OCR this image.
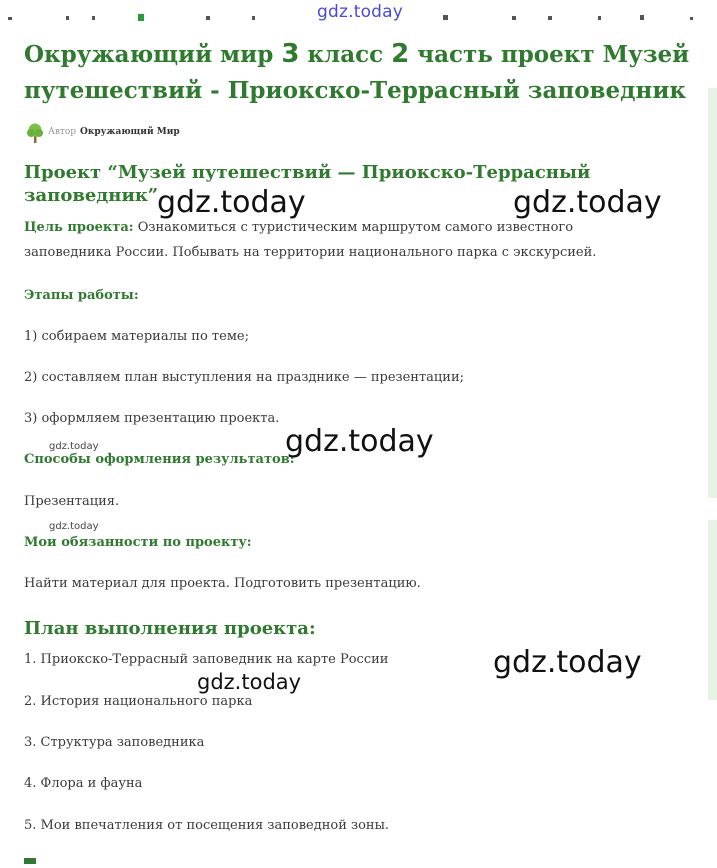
gdz.today
Окружающий мир 3 класс 2 часть проект Музей путешествий - Приокско-Террасный заповедник
Автор Окружающий Мир
Проект “Музей путешествий — Приокско-Террасный заповедник”

Цель проекта: Ознакомиться с туристическим маршрутом самого известного

заповедника России. Побывать на территории национального парка с экскурсией.

Этапы работы:

1) собираем материалы по теме;

2) составляем план выступления на празднике — презентации;

3) оформляем презентацию проекта.

Способы оформления результатов:

Презентация.

Мои обязанности по проекту:

Найти материал для проекта. Подготовить презентацию.

План выполнения проекта:

1. Приокско-Террасный заповедник на карте России

2. История национального парка

3. Структура заповедника

4. Флора и фауна

5. Мои впечатления от посещения заповедной зоны.

gdz.today	gdz.today
gdz.today
gdz.today
gdz.today
gdz.today
gdz.today
